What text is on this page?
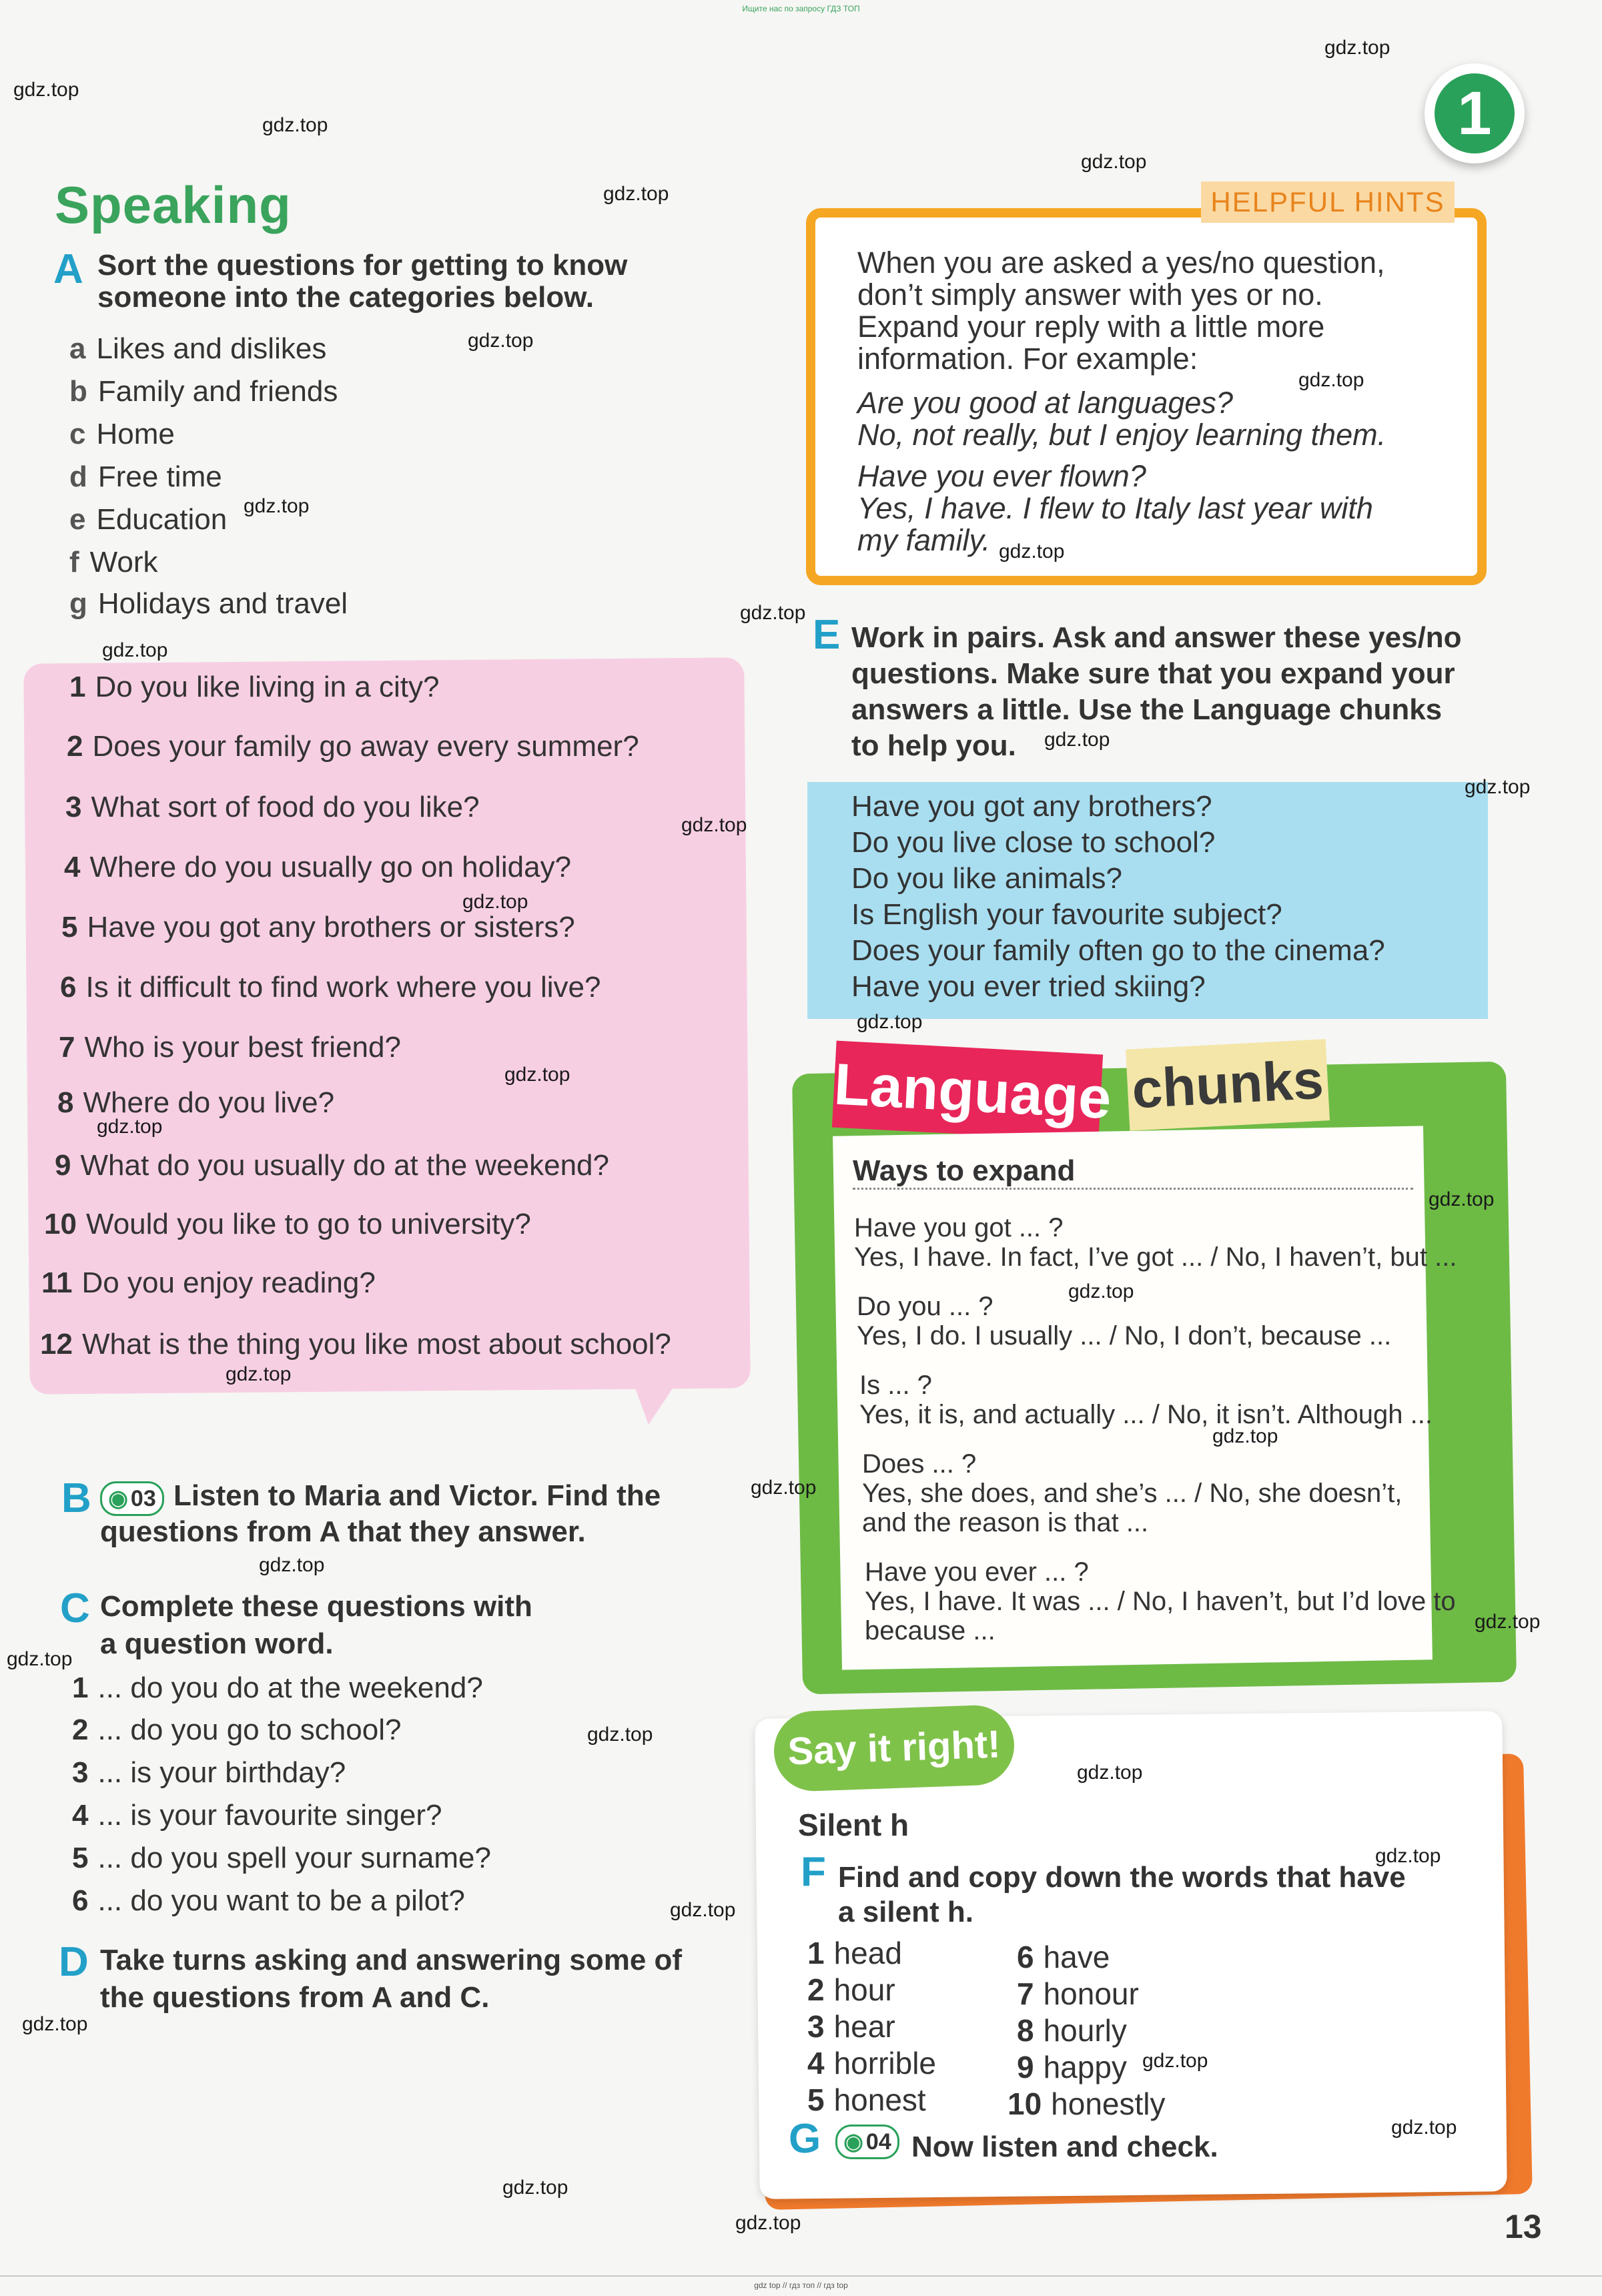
Ищите нас по запросу ГДЗ ТОП
1
Speaking
A Sort the questions for getting to know
someone into the categories below.
a Likes and dislikes
b Family and friends
c Home
d Free time
e Education
f Work
g Holidays and travel
1 Do you like living in a city?
2 Does your family go away every summer?
3 What sort of food do you like?
4 Where do you usually go on holiday?
5 Have you got any brothers or sisters?
6 Is it difficult to find work where you live?
7 Who is your best friend?
8 Where do you live?
9 What do you usually do at the weekend?
10 Would you like to go to university?
11 Do you enjoy reading?
12 What is the thing you like most about school?
B ◉ 03 Listen to Maria and Victor. Find the
questions from A that they answer.
C Complete these questions with
a question word.
1 ... do you do at the weekend?
2 ... do you go to school?
3 ... is your birthday?
4 ... is your favourite singer?
5 ... do you spell your surname?
6 ... do you want to be a pilot?
D Take turns asking and answering some of
the questions from A and C.
HELPFUL HINTS
When you are asked a yes/no question,
don’t simply answer with yes or no.
Expand your reply with a little more
information. For example:
Are you good at languages?
No, not really, but I enjoy learning them.
Have you ever flown?
Yes, I have. I flew to Italy last year with
my family.
E Work in pairs. Ask and answer these yes/no
questions. Make sure that you expand your
answers a little. Use the Language chunks
to help you.
Have you got any brothers?
Do you live close to school?
Do you like animals?
Is English your favourite subject?
Does your family often go to the cinema?
Have you ever tried skiing?
Language chunks
Ways to expand
Have you got ... ?
Yes, I have. In fact, I’ve got ... / No, I haven’t, but ...
Do you ... ?
Yes, I do. I usually ... / No, I don’t, because ...
Is ... ?
Yes, it is, and actually ... / No, it isn’t. Although ...
Does ... ?
Yes, she does, and she’s ... / No, she doesn’t,
and the reason is that ...
Have you ever ... ?
Yes, I have. It was ... / No, I haven’t, but I’d love to
because ...
Say it right!
Silent h
F Find and copy down the words that have
a silent h.
1 head
2 hour
3 hear
4 horrible
5 honest
6 have
7 honour
8 hourly
9 happy
10 honestly
G	◉ 04 Now listen and check.
13
gdz.top
gdz.top
gdz.top
gdz.top
gdz.top
gdz.top
gdz.top
gdz.top
gdz.top
gdz.top
gdz.top
gdz.top
gdz.top
gdz.top
gdz.top
gdz.top
gdz.top
gdz.top
gdz.top
gdz.top
gdz.top
gdz.top
gdz.top
gdz.top
gdz.top
gdz.top
gdz.top
gdz.top
gdz.top
gdz.top
gdz.top
gdz.top
gdz.top
gdz.top
gdz.top
gdz top // гдз топ // гдз top
